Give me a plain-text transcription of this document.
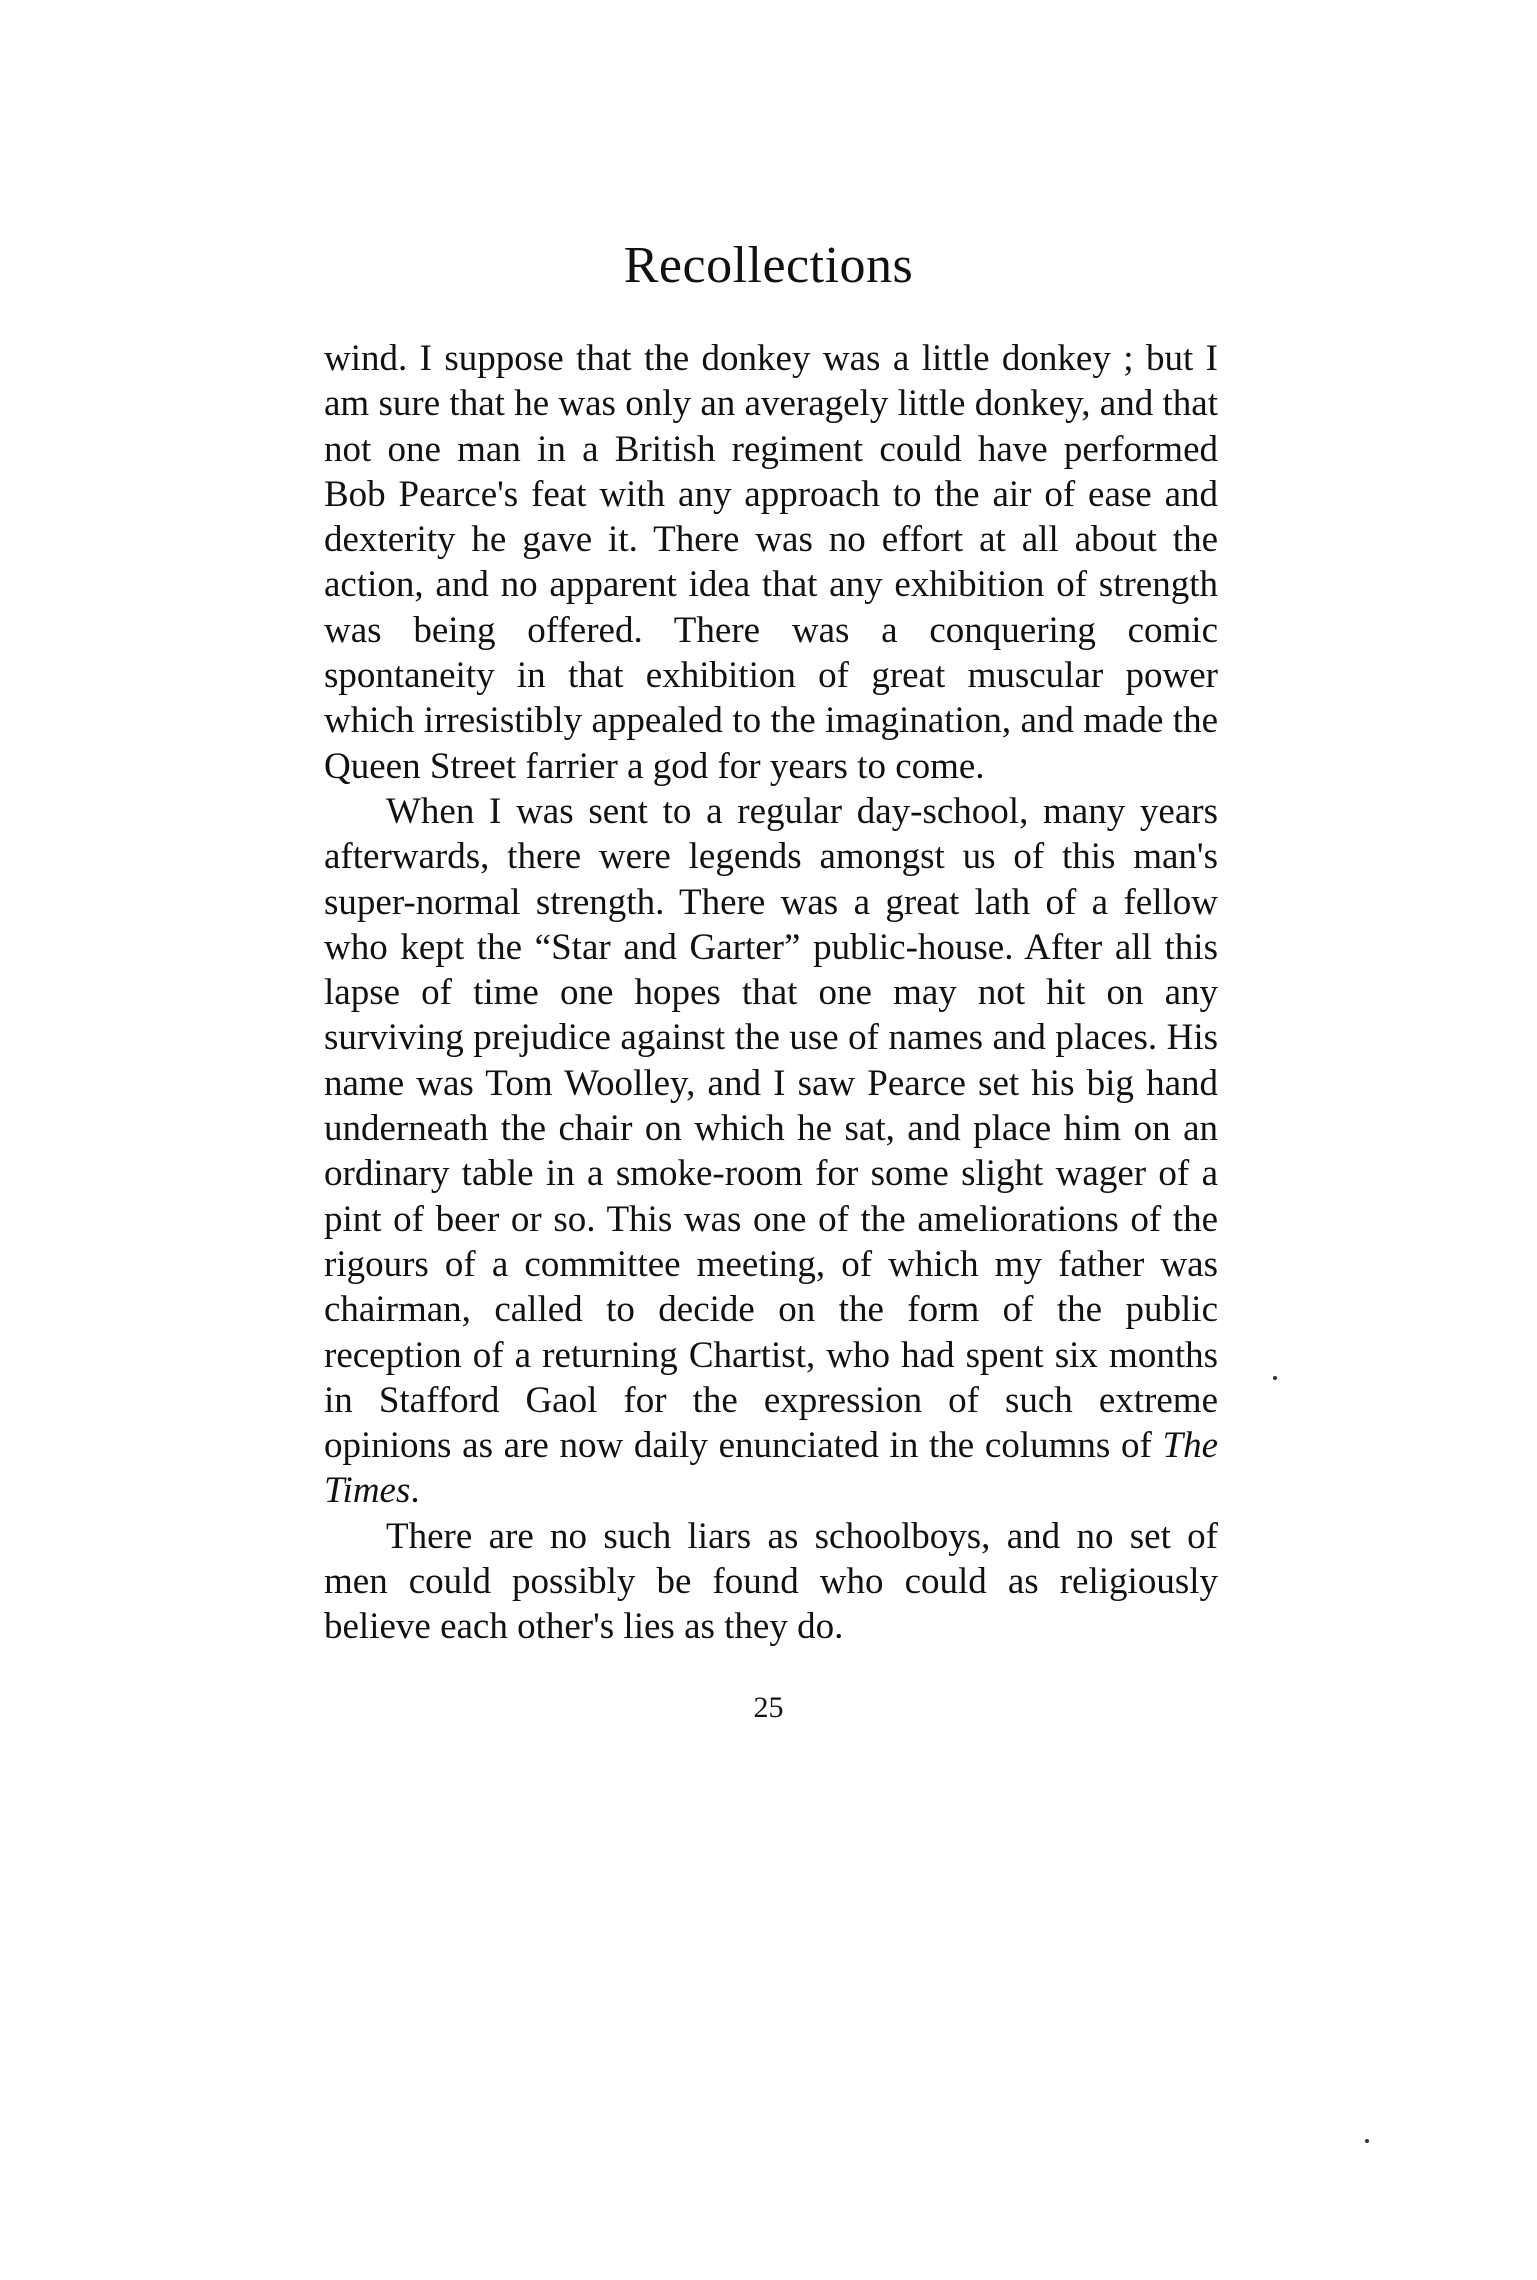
Recollections

wind. I suppose that the donkey was a little donkey ; but I am sure that he was only an averagely little donkey, and that not one man in a British regiment could have performed Bob Pearce's feat with any approach to the air of ease and dexterity he gave it. There was no effort at all about the action, and no apparent idea that any exhibition of strength was being offered. There was a conquering comic spontaneity in that exhibition of great muscular power which irresistibly appealed to the imagination, and made the Queen Street farrier a god for years to come.

When I was sent to a regular day-school, many years afterwards, there were legends amongst us of this man's super-normal strength. There was a great lath of a fellow who kept the “Star and Garter” public-house. After all this lapse of time one hopes that one may not hit on any surviving prejudice against the use of names and places. His name was Tom Woolley, and I saw Pearce set his big hand underneath the chair on which he sat, and place him on an ordinary table in a smoke-room for some slight wager of a pint of beer or so. This was one of the ameliorations of the rigours of a committee meeting, of which my father was chairman, called to decide on the form of the public reception of a returning Chartist, who had spent six months in Stafford Gaol for the expression of such extreme opinions as are now daily enunciated in the columns of The Times.

There are no such liars as schoolboys, and no set of men could possibly be found who could as religiously believe each other's lies as they do.

25
